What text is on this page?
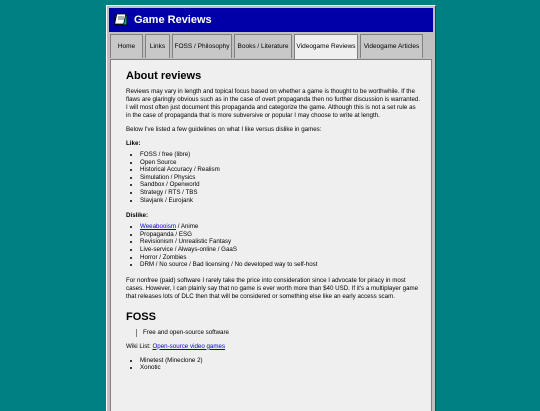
Game Reviews
Home Links FOSS / Philosophy Books / Literature Videogame Reviews Videogame Articles
About reviews

Reviews may vary in length and topical focus based on whether a game is thought to be worthwhile. If the flaws are glaringly obvious such as in the case of overt propaganda then no further discussion is warranted. I will most often just document this propaganda and categorize the game. Although this is not a set rule as in the case of propaganda that is more subversive or popular I may choose to write at length.

Below I've listed a few guidelines on what I like versus dislike in games:

Like:
• FOSS / free (libre)
• Open Source
• Historical Accuracy / Realism
• Simulation / Physics
• Sandbox / Openworld
• Strategy / RTS / TBS
• Slavjank / Eurojank
Dislike:
• Weeabooism / Anime
• Propaganda / ESG
• Revisionism / Unrealistic Fantasy
• Live-service / Always-online / GaaS
• Horror / Zombies
• DRM / No source / Bad licensing / No developed way to self-host

For nonfree (paid) software I rarely take the price into consideration since I advocate for piracy in most cases. However, I can plainly say that no game is ever worth more than $40 USD. If it's a multiplayer game that releases lots of DLC then that will be considered or something else like an early access scam.

FOSS
Free and open-source software

Wiki List: Open-source video games

• Minetest (Mineclone 2)
• Xonotic
